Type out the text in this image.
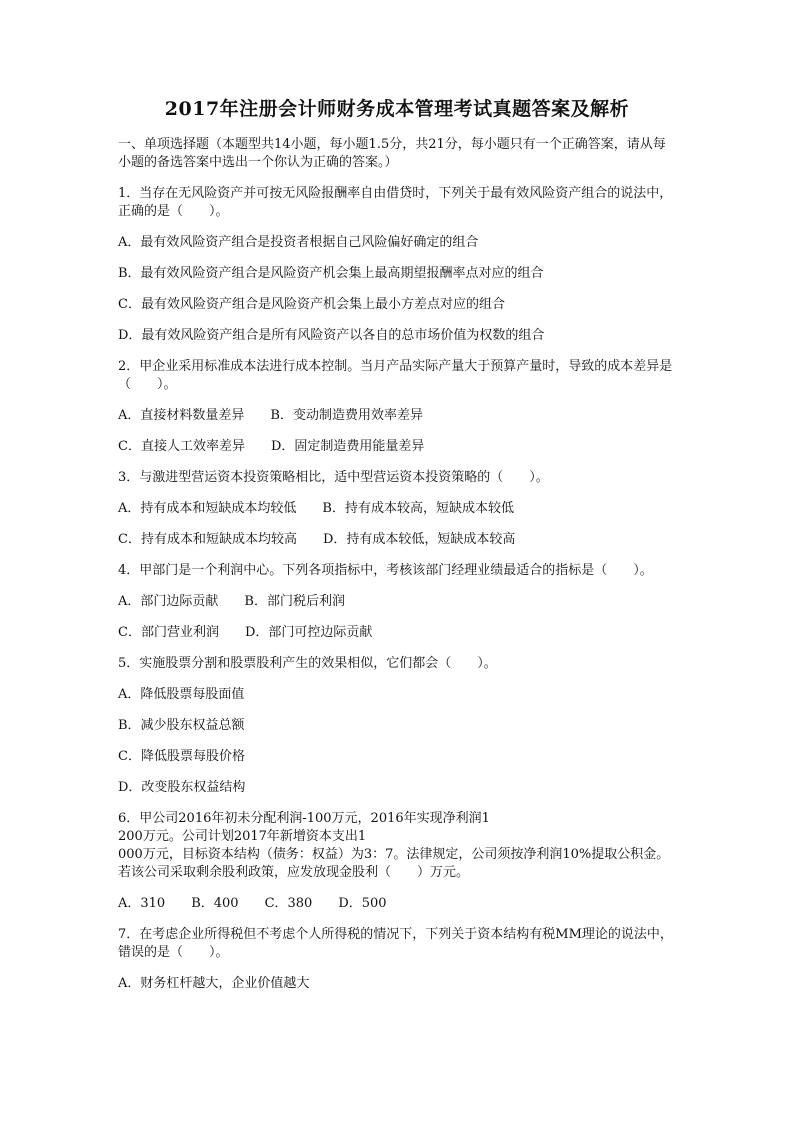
2017年注册会计师财务成本管理考试真题答案及解析
一、单项选择题（本题型共14小题，每小题1.5分，共21分，每小题只有一个正确答案，请从每小题的备选答案中选出一个你认为正确的答案。）
1．当存在无风险资产并可按无风险报酬率自由借贷时，下列关于最有效风险资产组合的说法中，正确的是（　　）。
A．最有效风险资产组合是投资者根据自己风险偏好确定的组合
B．最有效风险资产组合是风险资产机会集上最高期望报酬率点对应的组合
C．最有效风险资产组合是风险资产机会集上最小方差点对应的组合
D．最有效风险资产组合是所有风险资产以各自的总市场价值为权数的组合
2．甲企业采用标准成本法进行成本控制。当月产品实际产量大于预算产量时，导致的成本差异是（　　）。
A．直接材料数量差异　　B．变动制造费用效率差异
C．直接人工效率差异　　D．固定制造费用能量差异
3．与激进型营运资本投资策略相比，适中型营运资本投资策略的（　　）。
A．持有成本和短缺成本均较低　　B．持有成本较高，短缺成本较低
C．持有成本和短缺成本均较高　　D．持有成本较低，短缺成本较高
4．甲部门是一个利润中心。下列各项指标中，考核该部门经理业绩最适合的指标是（　　）。
A．部门边际贡献　　B．部门税后利润
C．部门营业利润　　D．部门可控边际贡献
5．实施股票分割和股票股利产生的效果相似，它们都会（　　）。
A．降低股票每股面值
B．减少股东权益总额
C．降低股票每股价格
D．改变股东权益结构
6．甲公司2016年初未分配利润-100万元，2016年实现净利润1
200万元。公司计划2017年新增资本支出1
000万元，目标资本结构（债务：权益）为3：7。法律规定，公司须按净利润10%提取公积金。若该公司采取剩余股利政策，应发放现金股利（　　）万元。
A．310　　B．400　　C．380　　D．500
7．在考虑企业所得税但不考虑个人所得税的情况下，下列关于资本结构有税MM理论的说法中，错误的是（　　）。
A．财务杠杆越大，企业价值越大
